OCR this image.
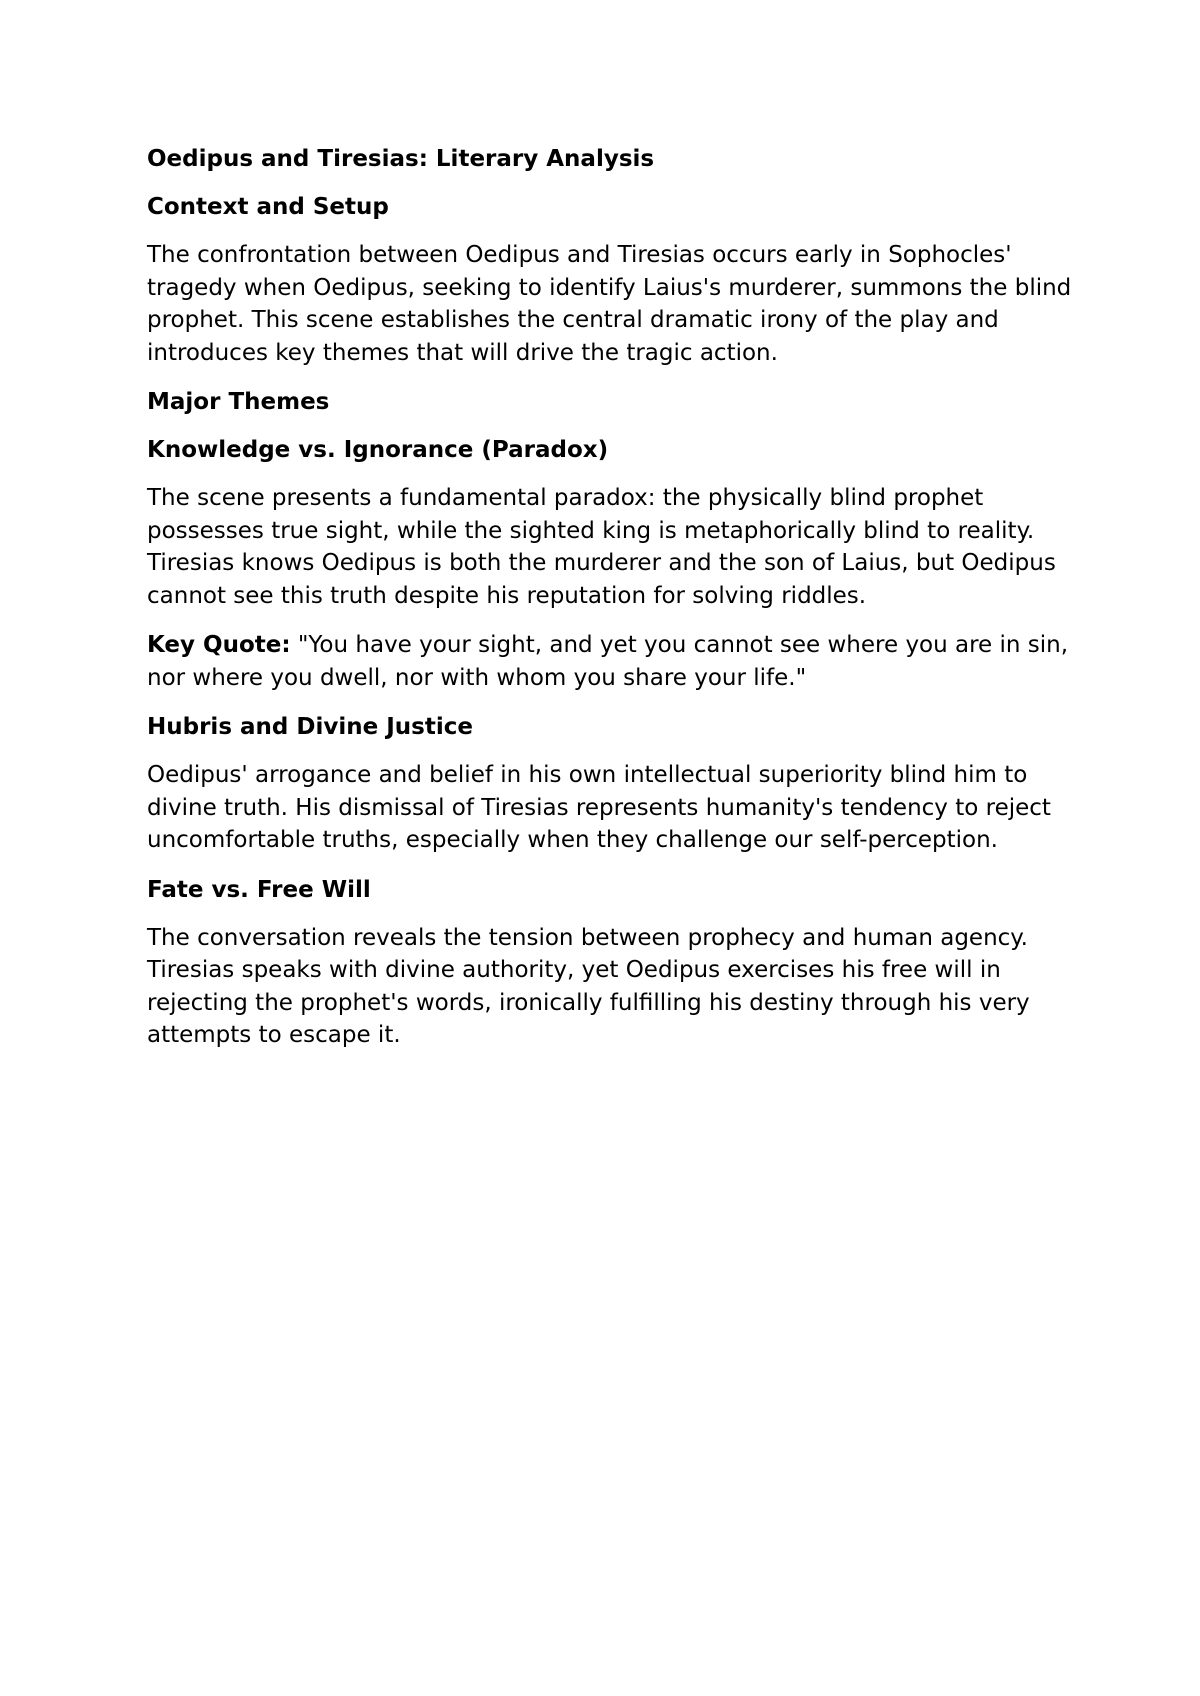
Oedipus and Tiresias: Literary Analysis
Context and Setup

The confrontation between Oedipus and Tiresias occurs early in Sophocles' tragedy when Oedipus, seeking to identify Laius's murderer, summons the blind prophet. This scene establishes the central dramatic irony of the play and introduces key themes that will drive the tragic action.

Major Themes
Knowledge vs. Ignorance (Paradox)

The scene presents a fundamental paradox: the physically blind prophet possesses true sight, while the sighted king is metaphorically blind to reality. Tiresias knows Oedipus is both the murderer and the son of Laius, but Oedipus cannot see this truth despite his reputation for solving riddles.

Key Quote: "You have your sight, and yet you cannot see where you are in sin, nor where you dwell, nor with whom you share your life."

Hubris and Divine Justice

Oedipus' arrogance and belief in his own intellectual superiority blind him to divine truth. His dismissal of Tiresias represents humanity's tendency to reject uncomfortable truths, especially when they challenge our self-perception.

Fate vs. Free Will

The conversation reveals the tension between prophecy and human agency. Tiresias speaks with divine authority, yet Oedipus exercises his free will in rejecting the prophet's words, ironically fulfilling his destiny through his very attempts to escape it.
